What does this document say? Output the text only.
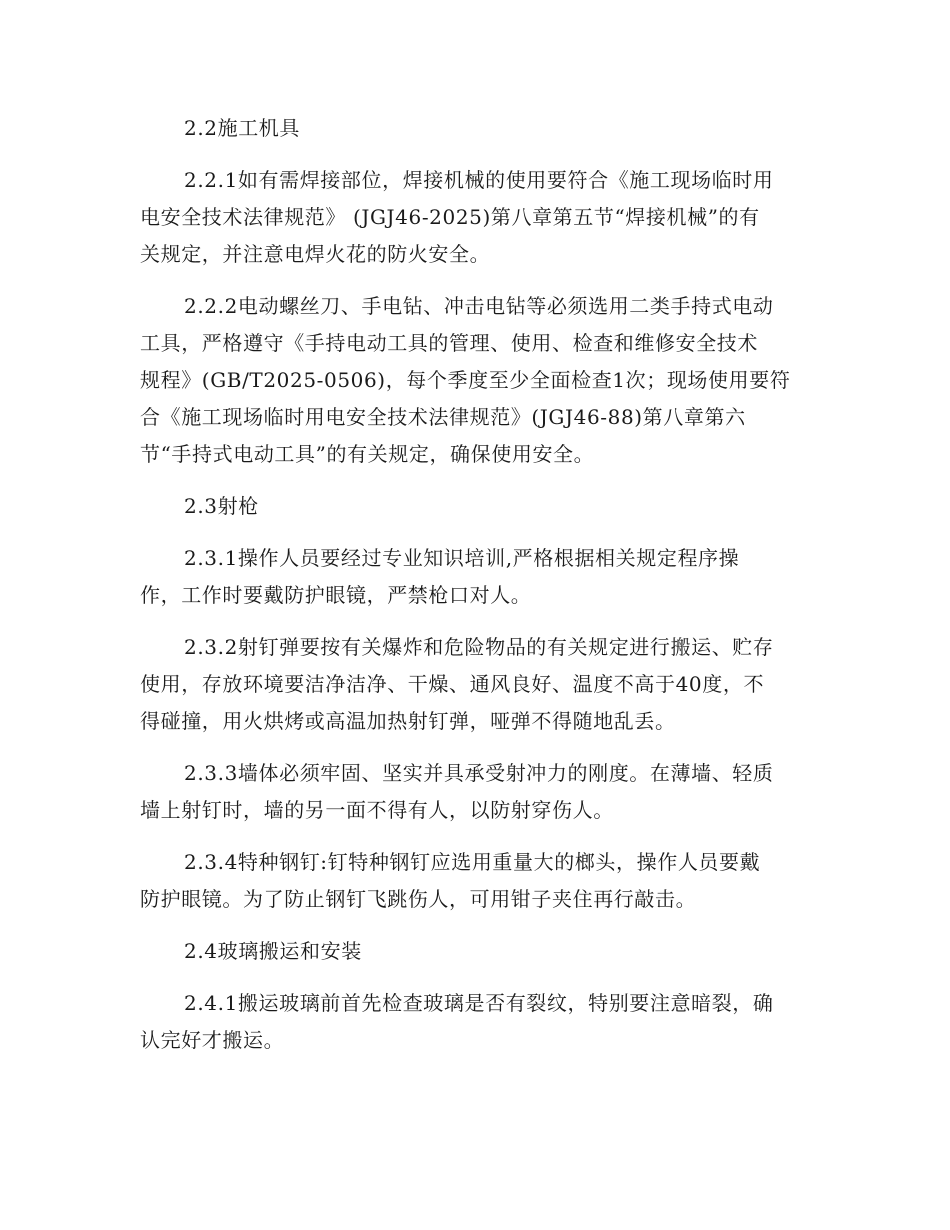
2.2施工机具
2.2.1如有需焊接部位，焊接机械的使用要符合《施工现场临时用
电安全技术法律规范》 (JGJ46-2025)第八章第五节“焊接机械”的有
关规定，并注意电焊火花的防火安全。
2.2.2电动螺丝刀、手电钻、冲击电钻等必须选用二类手持式电动
工具，严格遵守《手持电动工具的管理、使用、检查和维修安全技术
规程》(GB/T2025-0506)，每个季度至少全面检查1次；现场使用要符
合《施工现场临时用电安全技术法律规范》(JGJ46-88)第八章第六
节“手持式电动工具”的有关规定，确保使用安全。
2.3射枪
2.3.1操作人员要经过专业知识培训,严格根据相关规定程序操
作，工作时要戴防护眼镜，严禁枪口对人。
2.3.2射钉弹要按有关爆炸和危险物品的有关规定进行搬运、贮存
使用，存放环境要洁净洁净、干燥、通风良好、温度不高于40度，不
得碰撞，用火烘烤或高温加热射钉弹，哑弹不得随地乱丢。
2.3.3墙体必须牢固、坚实并具承受射冲力的刚度。在薄墙、轻质
墙上射钉时，墙的另一面不得有人，以防射穿伤人。
2.3.4特种钢钉:钉特种钢钉应选用重量大的榔头，操作人员要戴
防护眼镜。为了防止钢钉飞跳伤人，可用钳子夹住再行敲击。
2.4玻璃搬运和安装
2.4.1搬运玻璃前首先检查玻璃是否有裂纹，特别要注意暗裂，确
认完好才搬运。
